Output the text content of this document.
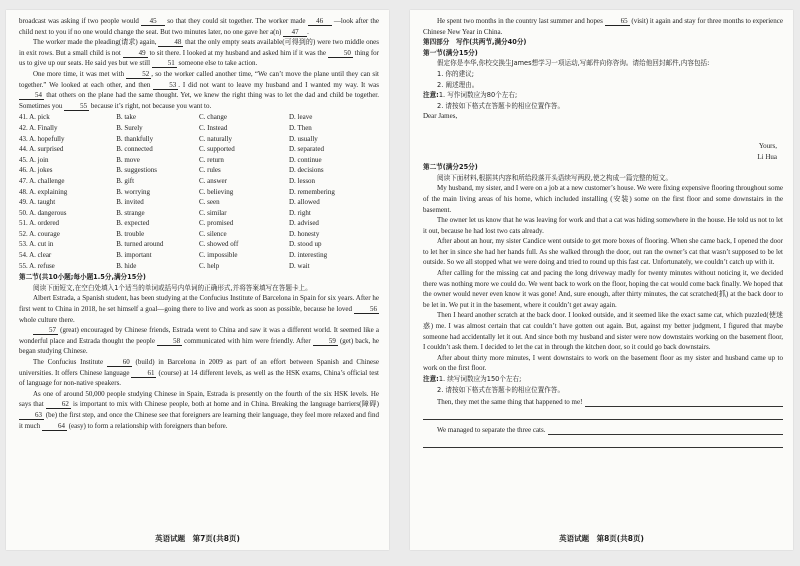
broadcast was asking if two people would 45 so that they could sit together. The worker made 46 —look after the child next to you if no one would change the seat. But two minutes later, no one gave her a(n) 47 .

The worker made the pleading(请求) again, 48 that the only empty seats available(可得到的) were two middle ones in exit rows. But a small child is not 49 to sit there. I looked at my husband and asked him if it was the 50 thing for us to give up our seats. He said yes but we still 51 someone else to take action.

One more time, it was met with 52 , so the worker called another time, “We can’t move the plane until they can sit together.” We looked at each other, and then 53 . I did not want to leave my husband and I wanted my way. It was 54 that others on the plane had the same thought. Yet, we knew the right thing was to let the dad and child be together. Sometimes you 55 because it’s right, not because you want to.

41. A. pick	B. take	C. change	D. leave
42. A. Finally	B. Surely	C. Instead	D. Then
43. A. hopefully	B. thankfully	C. naturally	D. usually
44. A. surprised	B. connected	C. supported	D. separated
45. A. join	B. move	C. return	D. continue
46. A. jokes	B. suggestions	C. rules	D. decisions
47. A. challenge	B. gift	C. answer	D. lesson
48. A. explaining	B. worrying	C. believing	D. remembering
49. A. taught	B. invited	C. seen	D. allowed
50. A. dangerous	B. strange	C. similar	D. right
51. A. ordered	B. expected	C. promised	D. advised
52. A. courage	B. trouble	C. silence	D. honesty
53. A. cut in	B. turned around	C. showed off	D. stood up
54. A. clear	B. important	C. impossible	D. interesting
55. A. refuse	B. hide	C. help	D. wait

第二节(共10小题;每小题1.5分,满分15分)

阅读下面短文,在空白处填入1个适当的单词或括号内单词的正确形式,并将答案填写在答题卡上。

Albert Estrada, a Spanish student, has been studying at the Confucius Institute of Barcelona in Spain for six years. After he first went to China in 2018, he set himself a goal—going there to live and work as soon as possible, because he loved 56 whole culture there.

57 (great) encouraged by Chinese friends, Estrada went to China and saw it was a different world. It seemed like a wonderful place and Estrada thought the people 58 communicated with him were friendly. After 59 (get) back, he began studying Chinese.

The Confucius Institute 60 (build) in Barcelona in 2009 as part of an effort between Spanish and Chinese universities. It offers Chinese language 61 (course) at 14 different levels, as well as the HSK exams, China’s official test of language for non-native speakers.

As one of around 50,000 people studying Chinese in Spain, Estrada is presently on the fourth of the six HSK levels. He says that 62 is important to mix with Chinese people, both at home and in China. Breaking the language barriers(障碍) 63 (be) the first step, and once the Chinese see that foreigners are learning their language, they feel more relaxed and find it much 64 (easy) to form a relationship with foreigners than before.

英语试题　第7页(共8页)

He spent two months in the country last summer and hopes 65 (visit) it again and stay for three months to experience Chinese New Year in China.

第四部分　写作(共两节,满分40分)

第一节(满分15分)

假定你是李华,你校交换生James想学习一项运动,写邮件向你咨询。请给他回封邮件,内容包括:

1. 你的建议;

2. 阐述理由。

注意:1. 写作词数应为80个左右;

2. 请按如下格式在答题卡的相应位置作答。

Dear James,

Yours,

Li Hua

第二节(满分25分)

阅读下面材料,根据其内容和所给段落开头语续写两段,使之构成一篇完整的短文。

My husband, my sister, and I were on a job at a new customer’s house. We were fixing expensive flooring throughout some of the main living areas of his home, which included installing (安装) some on the first floor and some downstairs in the basement.

The owner let us know that he was leaving for work and that a cat was hiding somewhere in the house. He told us not to let it out, because he had lost two cats already.

After about an hour, my sister Candice went outside to get more boxes of flooring. When she came back, I opened the door to let her in since she had her hands full. As she walked through the door, out ran the owner’s cat that wasn’t supposed to be let outside. So we all stopped what we were doing and tried to round up this fast cat. Unfortunately, we couldn’t catch up with it.

After calling for the missing cat and pacing the long driveway madly for twenty minutes without noticing it, we decided there was nothing more we could do. We went back to work on the floor, hoping the cat would come back finally. We hoped that the owner would never even know it was gone! And, sure enough, after thirty minutes, the cat scratched(抓) at the back door to be let in. We put it in the basement, where it couldn’t get away again.

Then I heard another scratch at the back door. I looked outside, and it seemed like the exact same cat, which puzzled(使迷惑) me. I was almost certain that cat couldn’t have gotten out again. But, against my better judgment, I figured that maybe someone had accidentally let it out. And since both my husband and sister were now downstairs working on the basement floor, I couldn’t ask them. I decided to let the cat in through the kitchen door, so it could go back downstairs.

After about thirty more minutes, I went downstairs to work on the basement floor as my sister and husband came up to work on the first floor.

注意:1. 续写词数应为150个左右;

2. 请按如下格式在答题卡的相应位置作答。

Then, they met the same thing that happened to me!
We managed to separate the three cats.
英语试题　第8页(共8页)
